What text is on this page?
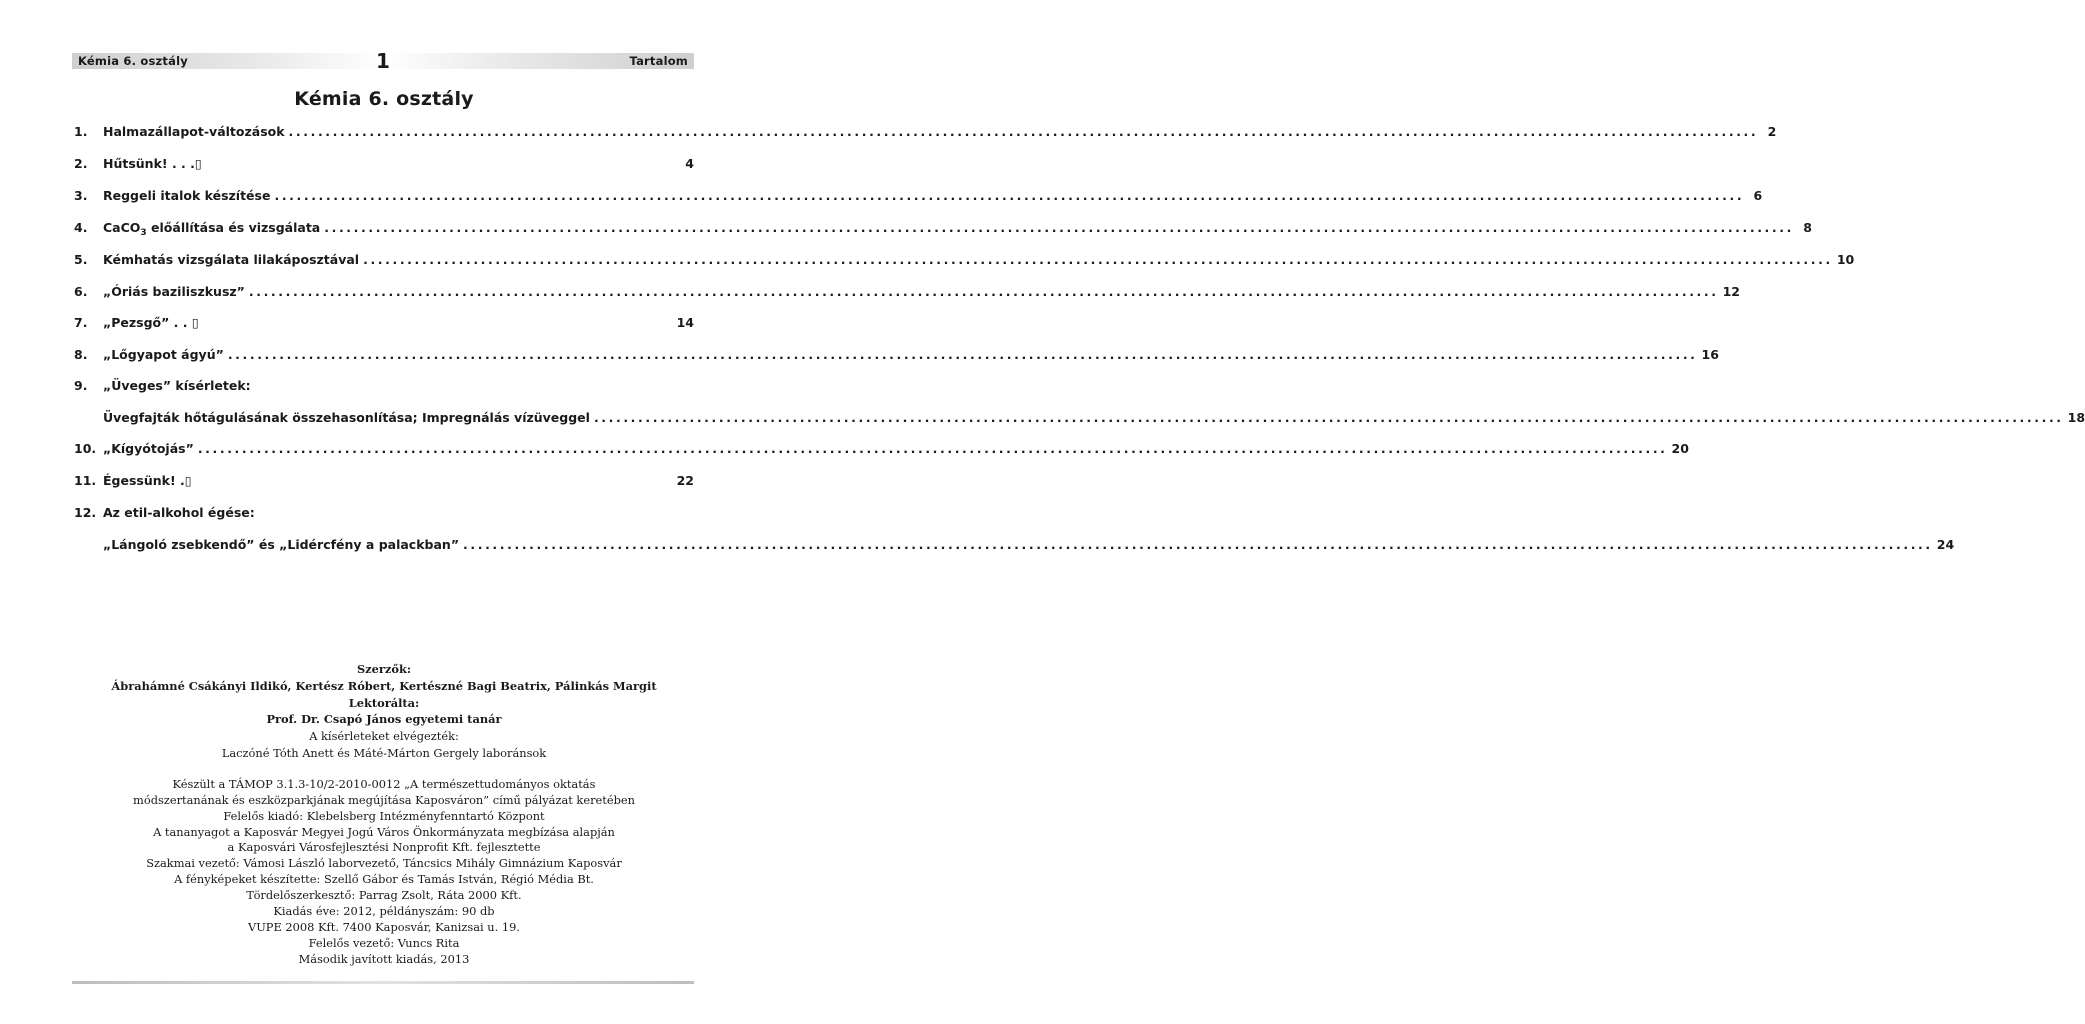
Kémia 6. osztály	1	Tartalom
Kémia 6. osztály
1.	Halmazállapot-változások ........................................................................................................................................................................................................ 2
2.	Hűtsünk! . . .▯	4
3.	Reggeli italok készítése ........................................................................................................................................................................................................ 6
4.	CaCO$_3$ előállítása és vizsgálata ........................................................................................................................................................................................................ 8
5.	Kémhatás vizsgálata lilakáposztával ........................................................................................................................................................................................................ 10
6.	„Óriás baziliszkusz” ........................................................................................................................................................................................................ 12
7.	„Pezsgő” . . ▯	14
8.	„Lőgyapot ágyú” ........................................................................................................................................................................................................ 16
9.	„Üveges” kísérletek:
Üvegfajták hőtágulásának összehasonlítása; Impregnálás vízüveggel ........................................................................................................................................................................................................ 18
10. „Kígyótojás” ........................................................................................................................................................................................................ 20
11. Égessünk! .▯	22
12. Az etil-alkohol égése:
„Lángoló zsebkendő” és „Lidércfény a palackban” ........................................................................................................................................................................................................ 24
Szerzők:
Ábrahámné Csákányi Ildikó, Kertész Róbert, Kertészné Bagi Beatrix, Pálinkás Margit
Lektorálta:
Prof. Dr. Csapó János egyetemi tanár
A kísérleteket elvégezték:
Laczóné Tóth Anett és Máté-Márton Gergely laboránsok
Készült a TÁMOP 3.1.3-10/2-2010-0012 „A természettudományos oktatás
módszertanának és eszközparkjának megújítása Kaposváron” című pályázat keretében
Felelős kiadó: Klebelsberg Intézményfenntartó Központ
A tananyagot a Kaposvár Megyei Jogú Város Önkormányzata megbízása alapján
a Kaposvári Városfejlesztési Nonprofit Kft. fejlesztette
Szakmai vezető: Vámosi László laborvezető, Táncsics Mihály Gimnázium Kaposvár
A fényképeket készítette: Szellő Gábor és Tamás István, Régió Média Bt.
Tördelőszerkesztő: Parrag Zsolt, Ráta 2000 Kft.
Kiadás éve: 2012, példányszám: 90 db
VUPE 2008 Kft. 7400 Kaposvár, Kanizsai u. 19.
Felelős vezető: Vuncs Rita
Második javított kiadás, 2013
